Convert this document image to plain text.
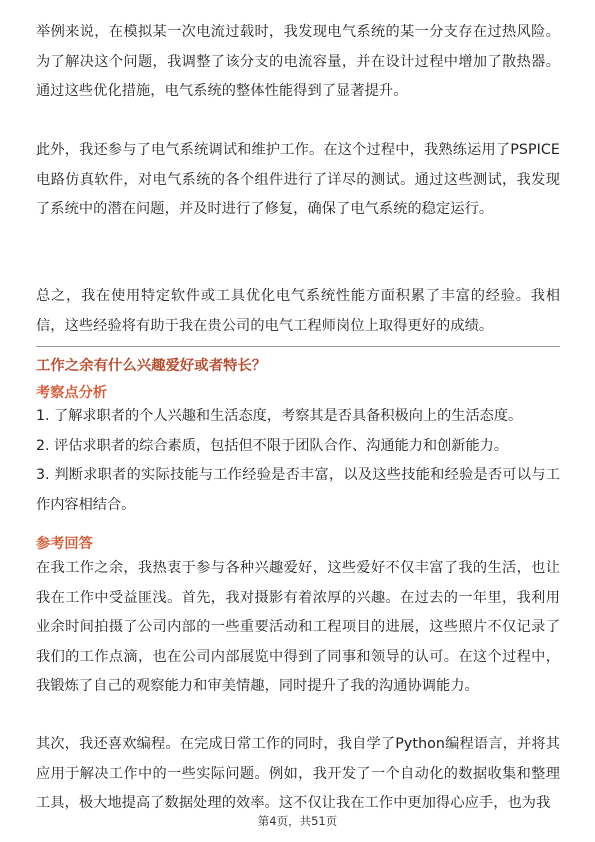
举例来说，在模拟某一次电流过载时，我发现电气系统的某一分支存在过热风险。为了解决这个问题，我调整了该分支的电流容量，并在设计过程中增加了散热器。通过这些优化措施，电气系统的整体性能得到了显著提升。

此外，我还参与了电气系统调试和维护工作。在这个过程中，我熟练运用了PSPICE电路仿真软件，对电气系统的各个组件进行了详尽的测试。通过这些测试，我发现了系统中的潜在问题，并及时进行了修复，确保了电气系统的稳定运行。

总之，我在使用特定软件或工具优化电气系统性能方面积累了丰富的经验。我相信，这些经验将有助于我在贵公司的电气工程师岗位上取得更好的成绩。

工作之余有什么兴趣爱好或者特长？
考察点分析
1. 了解求职者的个人兴趣和生活态度，考察其是否具备积极向上的生活态度。
2. 评估求职者的综合素质，包括但不限于团队合作、沟通能力和创新能力。
3. 判断求职者的实际技能与工作经验是否丰富，以及这些技能和经验是否可以与工作内容相结合。
参考回答

在我工作之余，我热衷于参与各种兴趣爱好，这些爱好不仅丰富了我的生活，也让我在工作中受益匪浅。首先，我对摄影有着浓厚的兴趣。在过去的一年里，我利用业余时间拍摄了公司内部的一些重要活动和工程项目的进展，这些照片不仅记录了我们的工作点滴，也在公司内部展览中得到了同事和领导的认可。在这个过程中，我锻炼了自己的观察能力和审美情趣，同时提升了我的沟通协调能力。

其次，我还喜欢编程。在完成日常工作的同时，我自学了Python编程语言，并将其应用于解决工作中的一些实际问题。例如，我开发了一个自动化的数据收集和整理工具，极大地提高了数据处理的效率。这不仅让我在工作中更加得心应手，也为我

第4页，共51页
